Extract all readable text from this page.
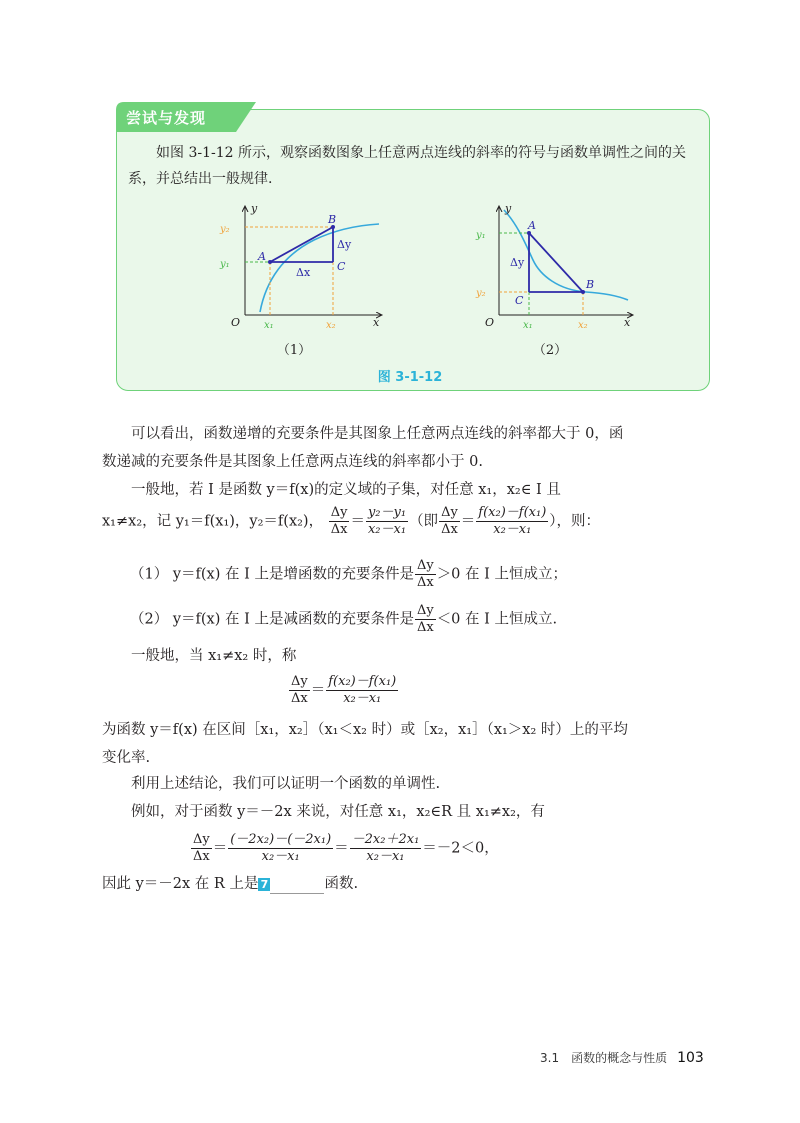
尝试与发现

如图 3-1-12 所示，观察函数图象上任意两点连线的斜率的符号与函数单调性之间的关系，并总结出一般规律.

y
x
O
y₂
y₁
x₁	x₂
A
B
C
Δx
Δy
（1）
y
x
O
y₁
y₂
x₁	x₂
A
B
C
Δy
（2）
图 3-1-12

可以看出，函数递增的充要条件是其图象上任意两点连线的斜率都大于 0，函数递减的充要条件是其图象上任意两点连线的斜率都小于 0.

一般地，若 I 是函数 y＝f(x)的定义域的子集，对任意 x₁，x₂∈ I 且

x₁≠x₂，记 y₁＝f(x₁)，y₂＝f(x₂)， $\frac{\Delta y}{\Delta x} = \frac{\text{y₂－y₁}}{\text{x₂－x₁}}$ （即 $\frac{\Delta y}{\Delta x} = \frac{\text{f(x₂)－f(x₁)}}{\text{x₂－x₁}}$ ），则：
（1） y＝f(x) 在 I 上是增函数的充要条件是 $\frac{\Delta y}{\Delta x} >0$ 在 I 上恒成立；
（2） y＝f(x) 在 I 上是减函数的充要条件是 $\frac{\Delta y}{\Delta x} <0$ 在 I 上恒成立.

一般地，当 x₁≠x₂ 时，称

$\frac{\Delta y}{\Delta x} = \frac{\text{f(x₂)－f(x₁)}}{\text{x₂－x₁}}$

为函数 y＝f(x) 在区间［x₁，x₂］（x₁＜x₂ 时）或［x₂，x₁］（x₁＞x₂ 时）上的平均变化率.

利用上述结论，我们可以证明一个函数的单调性.

例如，对于函数 y＝－2x 来说，对任意 x₁，x₂∈R 且 x₁≠x₂，有

$\frac{\Delta y}{\Delta x} = \frac{\text{(－2x₂)－(－2x₁)}}{\text{x₂－x₁}} = \frac{\text{－2x₂＋2x₁}}{\text{x₂－x₁}} =-2<0$，
因此 y＝－2x 在 R 上是 7	函数.
3.1　函数的概念与性质 103
